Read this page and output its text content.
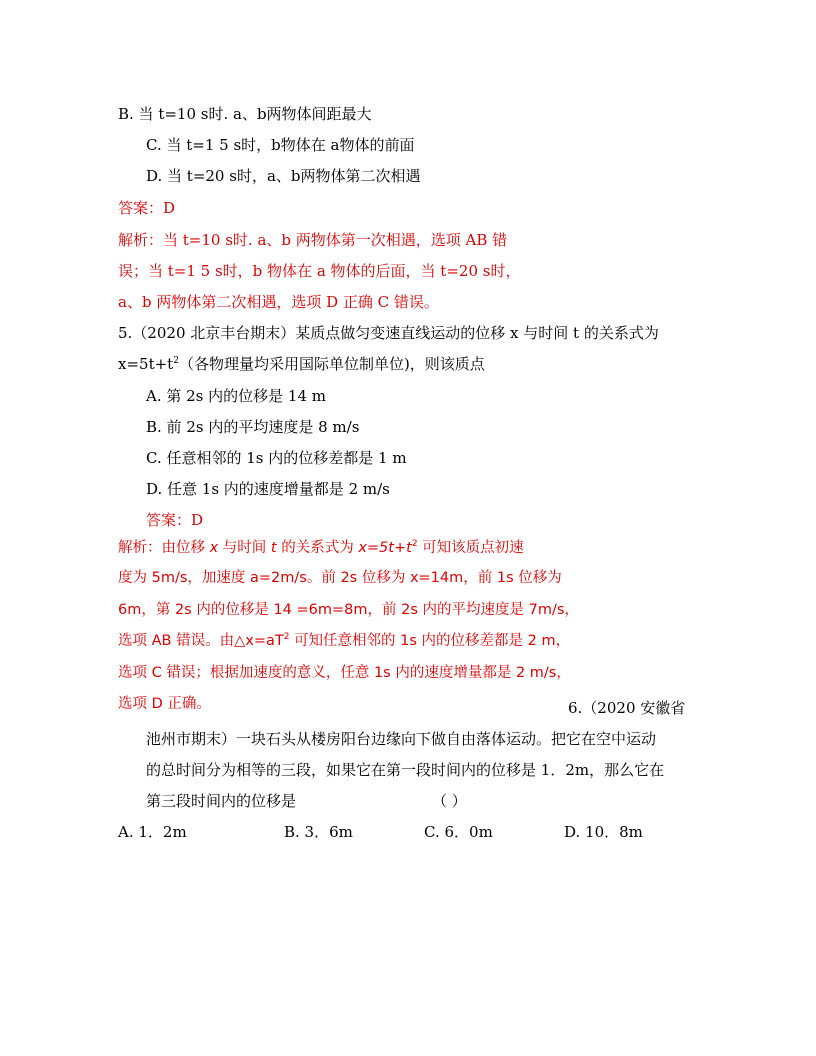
B. 当 t=10 s时. a、b两物体间距最大
C. 当 t=1 5 s时，b物体在 a物体的前面
D. 当 t=20 s时，a、b两物体第二次相遇
答案：D
解析：当 t=10 s时. a、b 两物体第一次相遇，选项 AB 错
误；当 t=1 5 s时，b 物体在 a 物体的后面，当 t=20 s时，
a、b 两物体第二次相遇，选项 D 正确 C 错误。
5.（2020 北京丰台期末）某质点做匀变速直线运动的位移 x 与时间 t 的关系式为
$x=5t+t^2$（各物理量均采用国际单位制单位)，则该质点
A. 第 2s 内的位移是 14 m
B. 前 2s 内的平均速度是 8 m/s
C. 任意相邻的 1s 内的位移差都是 1 m
D. 任意 1s 内的速度增量都是 2 m/s
答案：D
解析：由位移 x 与时间 t 的关系式为 $x=5t+t^2$ 可知该质点初速
度为 5m/s，加速度 a=2m/s。前 2s 位移为 x=14m，前 1s 位移为
6m，第 2s 内的位移是 14 =6m=8m，前 2s 内的平均速度是 7m/s，
选项 AB 错误。由$\triangle x=aT^2$ 可知任意相邻的 1s 内的位移差都是 2 m，
选项 C 错误；根据加速度的意义，任意 1s 内的速度增量都是 2 m/s，
选项 D 正确。	6.（2020 安徽省
池州市期末）一块石头从楼房阳台边缘向下做自由落体运动。把它在空中运动
的总时间分为相等的三段，如果它在第一段时间内的位移是 1．2m，那么它在
第三段时间内的位移是	（ ）
A. 1．2m	B. 3．6m	C. 6．0m	D. 10．8m
